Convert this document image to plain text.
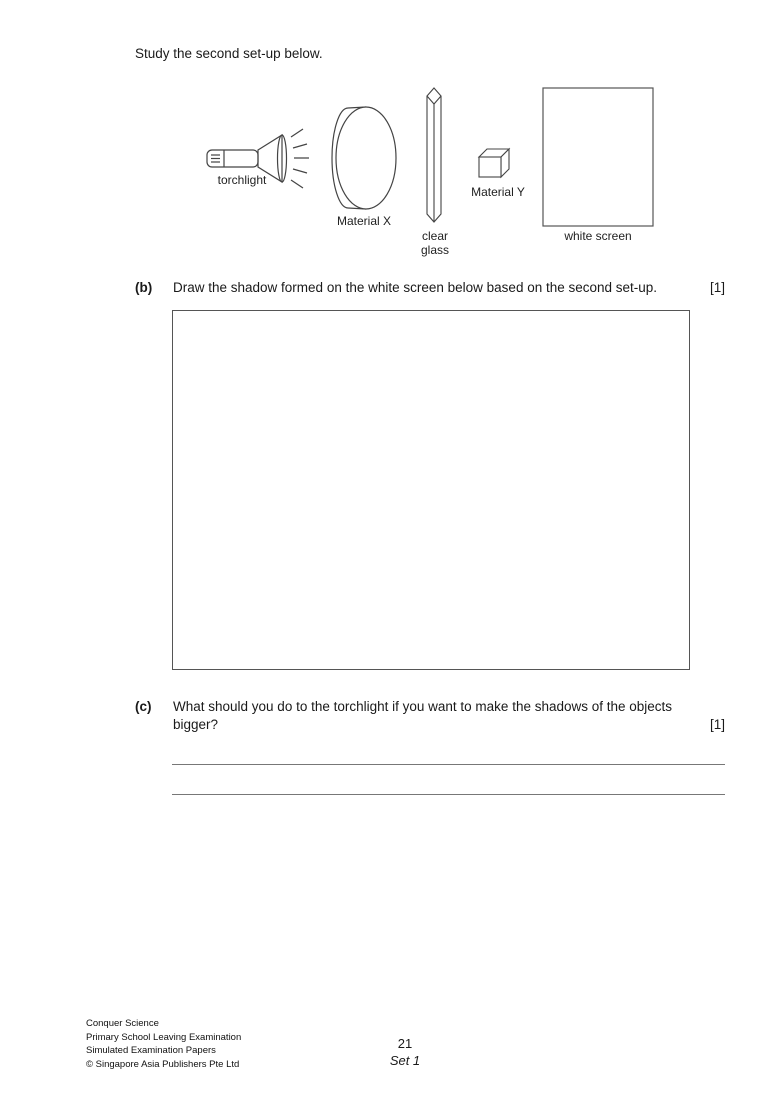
Study the second set-up below.
torchlight
Material X
clear
glass
Material Y
white screen
(b)	Draw the shadow formed on the white screen below based on the second set-up.	[1]
(c)	What should you do to the torchlight if you want to make the shadows of the objects
bigger?	[1]
Conquer Science
Primary School Leaving Examination
Simulated Examination Papers
© Singapore Asia Publishers Pte Ltd
21
Set 1
